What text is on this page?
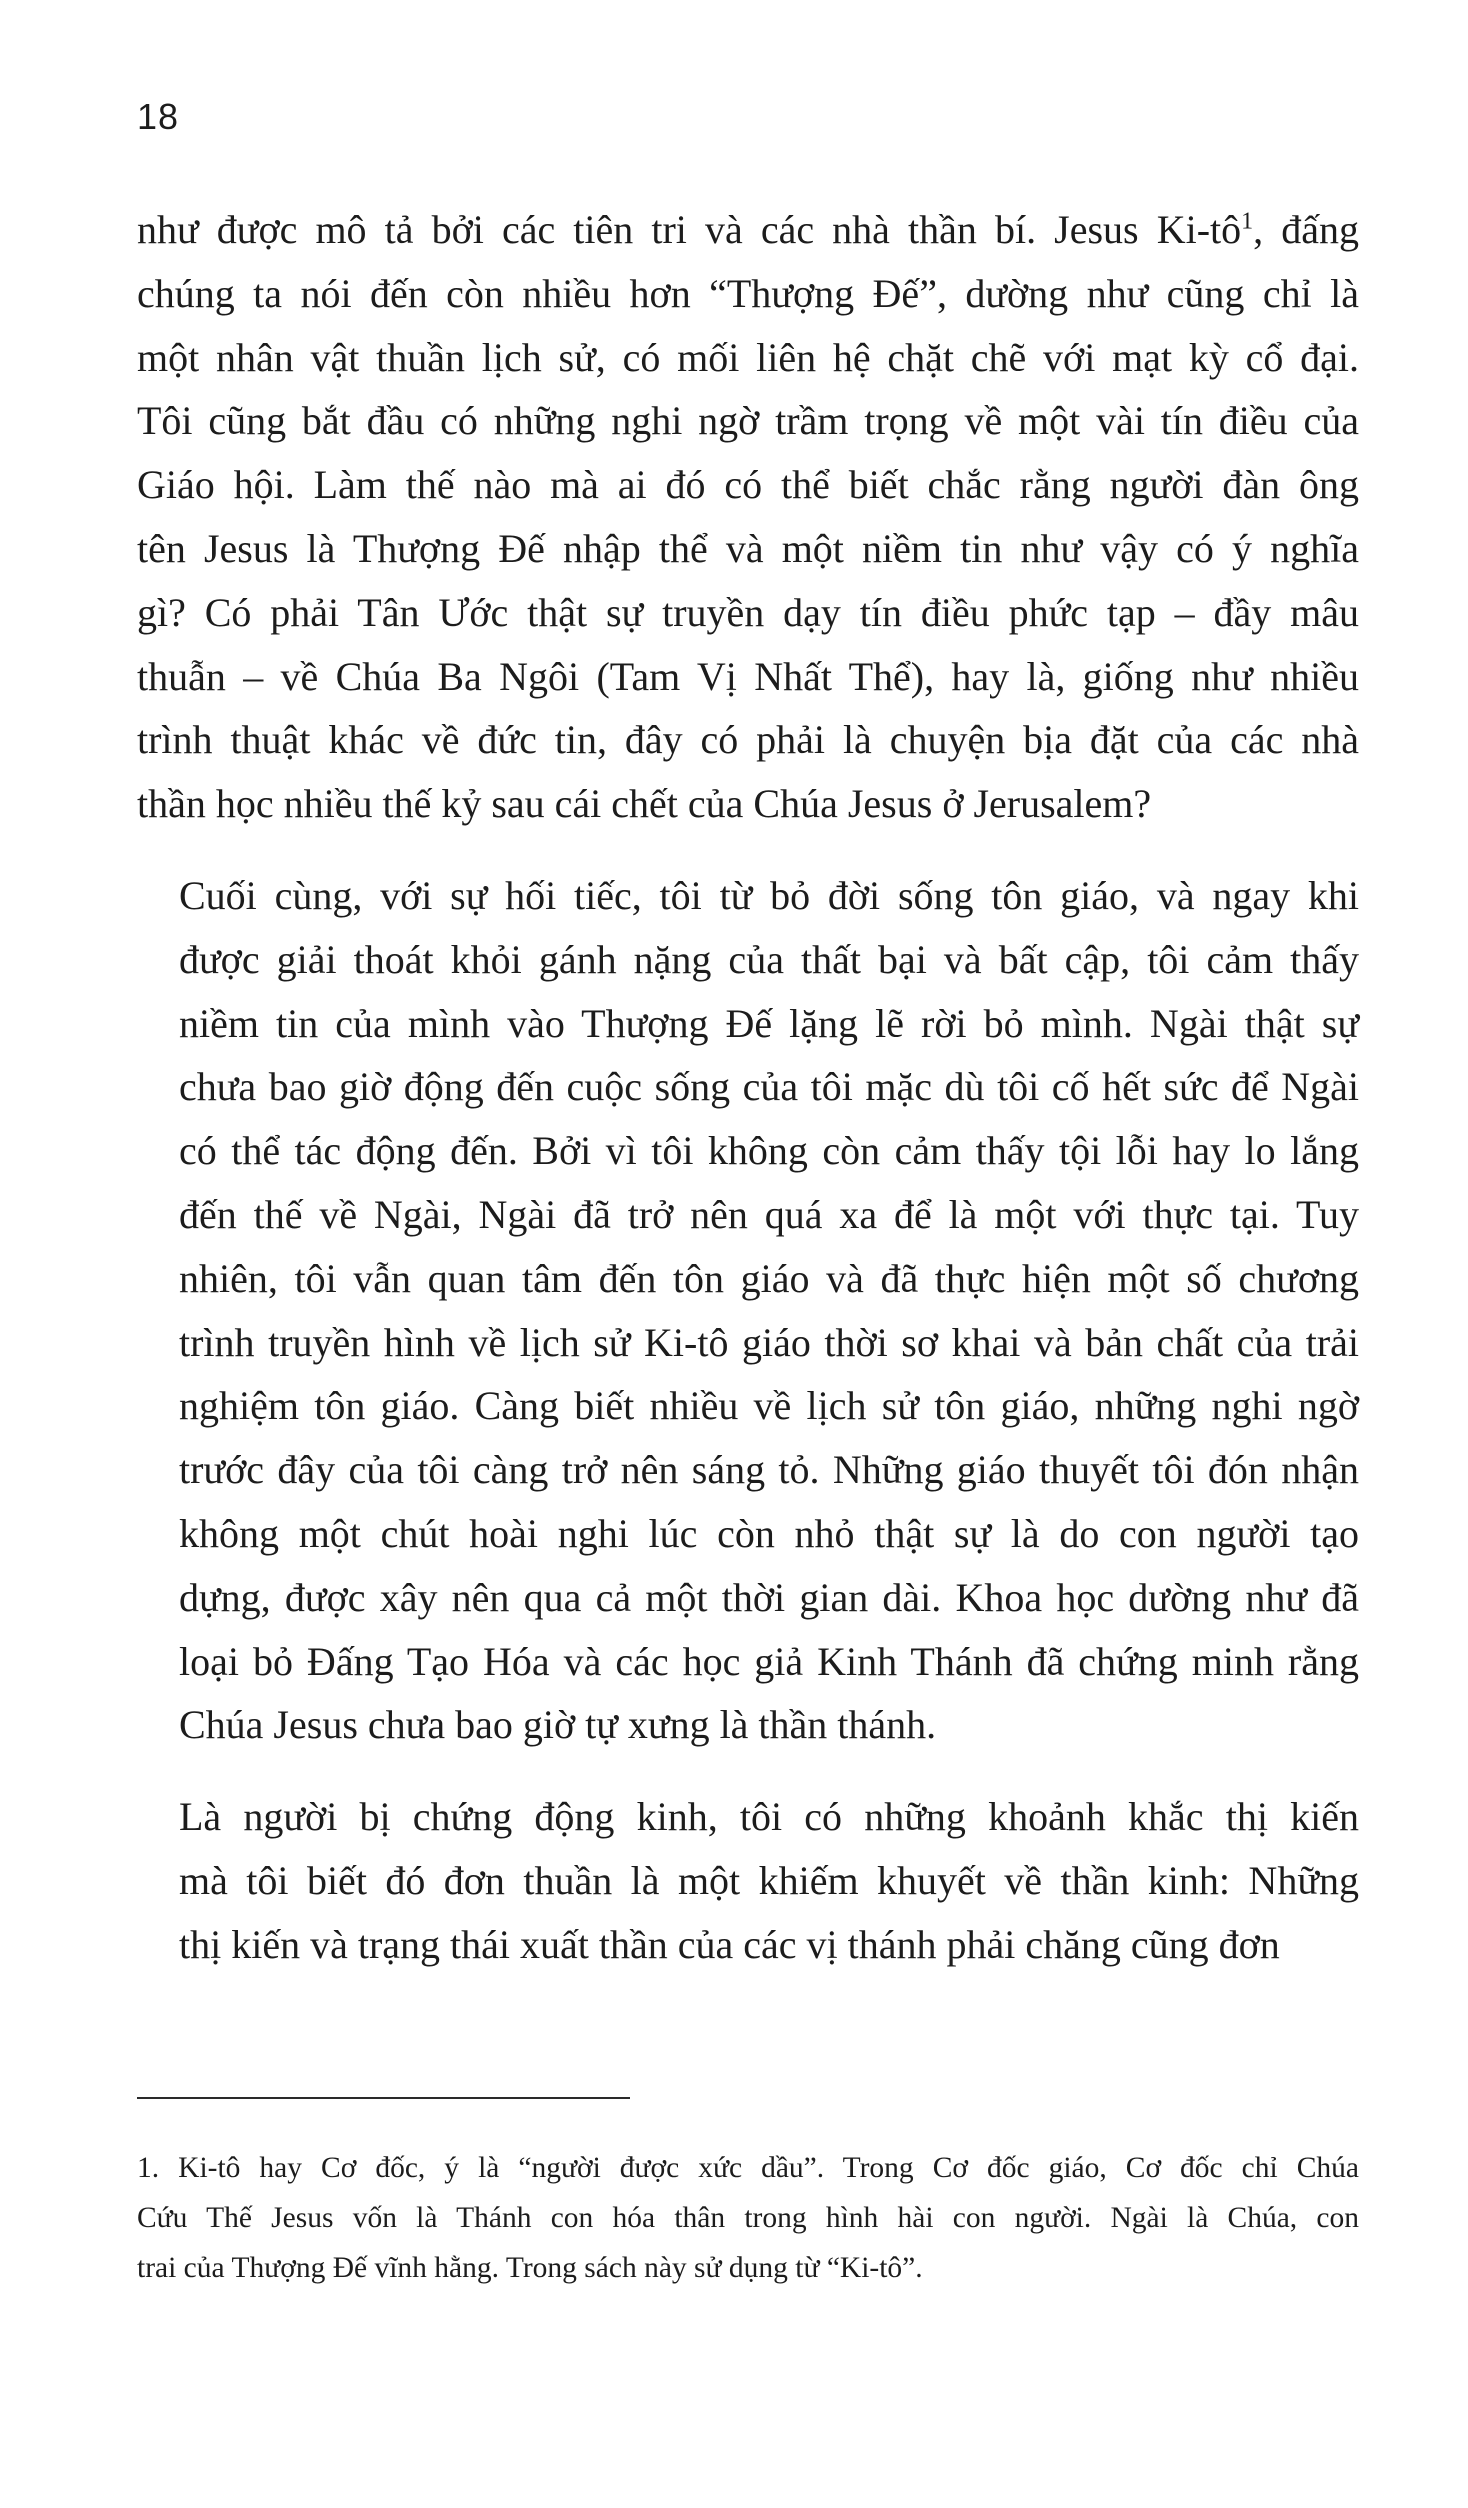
18

như được mô tả bởi các tiên tri và các nhà thần bí. Jesus Ki-tô$^1$, đấng
chúng ta nói đến còn nhiều hơn “Thượng Đế”, dường như cũng chỉ là
một nhân vật thuần lịch sử, có mối liên hệ chặt chẽ với mạt kỳ cổ đại.
Tôi cũng bắt đầu có những nghi ngờ trầm trọng về một vài tín điều của
Giáo hội. Làm thế nào mà ai đó có thể biết chắc rằng người đàn ông
tên Jesus là Thượng Đế nhập thể và một niềm tin như vậy có ý nghĩa
gì? Có phải Tân Ước thật sự truyền dạy tín điều phức tạp – đầy mâu
thuẫn – về Chúa Ba Ngôi (Tam Vị Nhất Thể), hay là, giống như nhiều
trình thuật khác về đức tin, đây có phải là chuyện bịa đặt của các nhà
thần học nhiều thế kỷ sau cái chết của Chúa Jesus ở Jerusalem?

Cuối cùng, với sự hối tiếc, tôi từ bỏ đời sống tôn giáo, và ngay khi
được giải thoát khỏi gánh nặng của thất bại và bất cập, tôi cảm thấy
niềm tin của mình vào Thượng Đế lặng lẽ rời bỏ mình. Ngài thật sự
chưa bao giờ động đến cuộc sống của tôi mặc dù tôi cố hết sức để Ngài
có thể tác động đến. Bởi vì tôi không còn cảm thấy tội lỗi hay lo lắng
đến thế về Ngài, Ngài đã trở nên quá xa để là một với thực tại. Tuy
nhiên, tôi vẫn quan tâm đến tôn giáo và đã thực hiện một số chương
trình truyền hình về lịch sử Ki-tô giáo thời sơ khai và bản chất của trải
nghiệm tôn giáo. Càng biết nhiều về lịch sử tôn giáo, những nghi ngờ
trước đây của tôi càng trở nên sáng tỏ. Những giáo thuyết tôi đón nhận
không một chút hoài nghi lúc còn nhỏ thật sự là do con người tạo
dựng, được xây nên qua cả một thời gian dài. Khoa học dường như đã
loại bỏ Đấng Tạo Hóa và các học giả Kinh Thánh đã chứng minh rằng
Chúa Jesus chưa bao giờ tự xưng là thần thánh.

Là người bị chứng động kinh, tôi có những khoảnh khắc thị kiến
mà tôi biết đó đơn thuần là một khiếm khuyết về thần kinh: Những
thị kiến và trạng thái xuất thần của các vị thánh phải chăng cũng đơn

1. Ki-tô hay Cơ đốc, ý là “người được xức dầu”. Trong Cơ đốc giáo, Cơ đốc chỉ Chúa
Cứu Thế Jesus vốn là Thánh con hóa thân trong hình hài con người. Ngài là Chúa, con
trai của Thượng Đế vĩnh hằng. Trong sách này sử dụng từ “Ki-tô”.
